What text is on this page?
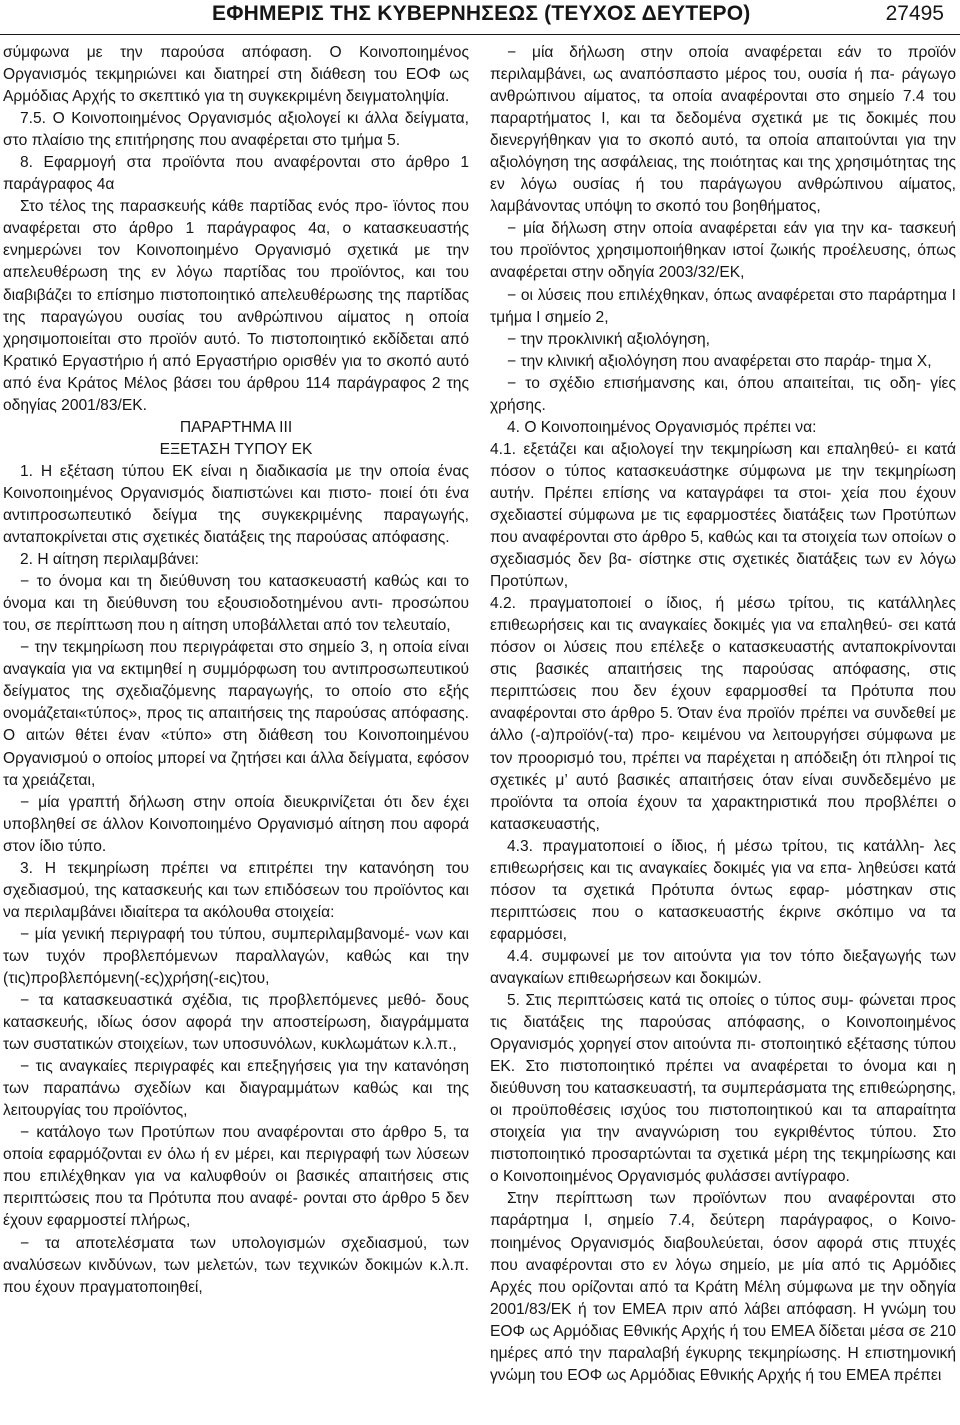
ΕΦΗΜΕΡΙΣ ΤΗΣ ΚΥΒΕΡΝΗΣΕΩΣ (ΤΕΥΧΟΣ ΔΕΥΤΕΡΟ)	27495

σύμφωνα με την παρούσα απόφαση. Ο Κοινοποιημένος Οργανισμός τεκμηριώνει και διατηρεί στη διάθεση του ΕΟΦ ως Αρμόδιας Αρχής το σκεπτικό για τη συγκεκριμένη δειγματοληψία.

7.5. Ο Κοινοποιημένος Οργανισμός αξιολογεί κι άλλα δείγματα, στο πλαίσιο της επιτήρησης που αναφέρεται στο τμήμα 5.

8. Εφαρμογή στα προϊόντα που αναφέρονται στο άρθρο 1 παράγραφος 4α

Στο τέλος της παρασκευής κάθε παρτίδας ενός προ- ϊόντος που αναφέρεται στο άρθρο 1 παράγραφος 4α, ο κατασκευαστής ενημερώνει τον Κοινοποιημένο Οργανισμό σχετικά με την απελευθέρωση της εν λόγω παρτίδας του προϊόντος, και του διαβιβάζει το επίσημο πιστοποιητικό απελευθέρωσης της παρτίδας της παραγώγου ουσίας του ανθρώπινου αίματος η οποία χρησιμοποιείται στο προϊόν αυτό. Το πιστοποιητικό εκδίδεται από Κρατικό Εργαστήριο ή από Εργαστήριο ορισθέν για το σκοπό αυτό από ένα Κράτος Μέλος βάσει του άρθρου 114 παράγραφος 2 της οδηγίας 2001/83/ΕΚ.

ΠΑΡΑΡΤΗΜΑ ΙΙΙ

ΕΞΕΤΑΣΗ ΤΥΠΟΥ ΕΚ

1. Η εξέταση τύπου ΕΚ είναι η διαδικασία με την οποία ένας Κοινοποιημένος Οργανισμός διαπιστώνει και πιστο- ποιεί ότι ένα αντιπροσωπευτικό δείγμα της συγκεκριμένης παραγωγής, ανταποκρίνεται στις σχετικές διατάξεις της παρούσας απόφασης.

2. Η αίτηση περιλαμβάνει:

− το όνομα και τη διεύθυνση του κατασκευαστή καθώς και το όνομα και τη διεύθυνση του εξουσιοδοτημένου αντι- προσώπου του, σε περίπτωση που η αίτηση υποβάλλεται από τον τελευταίο,

− την τεκμηρίωση που περιγράφεται στο σημείο 3, η οποία είναι αναγκαία για να εκτιμηθεί η συμμόρφωση του αντιπροσωπευτικού δείγματος της σχεδιαζόμενης παραγωγής, το οποίο στο εξής ονομάζεται«τύπος», προς τις απαιτήσεις της παρούσας απόφασης. Ο αιτών θέτει έναν «τύπο» στη διάθεση του Κοινοποιημένου Οργανισμού ο οποίος μπορεί να ζητήσει και άλλα δείγματα, εφόσον τα χρειάζεται,

− μία γραπτή δήλωση στην οποία διευκρινίζεται ότι δεν έχει υποβληθεί σε άλλον Κοινοποιημένο Οργανισμό αίτηση που αφορά στον ίδιο τύπο.

3. Η τεκμηρίωση πρέπει να επιτρέπει την κατανόηση του σχεδιασμού, της κατασκευής και των επιδόσεων του προϊόντος και να περιλαμβάνει ιδιαίτερα τα ακόλουθα στοιχεία:

− μία γενική περιγραφή του τύπου, συμπεριλαμβανομέ- νων και των τυχόν προβλεπόμενων παραλλαγών, καθώς και την (τις)προβλεπόμενη(-ες)χρήση(-εις)του,

− τα κατασκευαστικά σχέδια, τις προβλεπόμενες μεθό- δους κατασκευής, ιδίως όσον αφορά την αποστείρωση, διαγράμματα των συστατικών στοιχείων, των υποσυνόλων, κυκλωμάτων κ.λ.π.,

− τις αναγκαίες περιγραφές και επεξηγήσεις για την κατανόηση των παραπάνω σχεδίων και διαγραμμάτων καθώς και της λειτουργίας του προϊόντος,

− κατάλογο των Προτύπων που αναφέρονται στο άρθρο 5, τα οποία εφαρμόζονται εν όλω ή εν μέρει, και περιγραφή των λύσεων που επιλέχθηκαν για να καλυφθούν οι βασικές απαιτήσεις στις περιπτώσεις που τα Πρότυπα που αναφέ- ρονται στο άρθρο 5 δεν έχουν εφαρμοστεί πλήρως,

− τα αποτελέσματα των υπολογισμών σχεδιασμού, των αναλύσεων κινδύνων, των μελετών, των τεχνικών δοκιμών κ.λ.π. που έχουν πραγματοποιηθεί,

− μία δήλωση στην οποία αναφέρεται εάν το προϊόν περιλαμβάνει, ως αναπόσπαστο μέρος του, ουσία ή πα- ράγωγο ανθρώπινου αίματος, τα οποία αναφέρονται στο σημείο 7.4 του παραρτήματος Ι, και τα δεδομένα σχετικά με τις δοκιμές που διενεργήθηκαν για το σκοπό αυτό, τα οποία απαιτούνται για την αξιολόγηση της ασφάλειας, της ποιότητας και της χρησιμότητας της εν λόγω ουσίας ή του παράγωγου ανθρώπινου αίματος, λαμβάνοντας υπόψη το σκοπό του βοηθήματος,

− μία δήλωση στην οποία αναφέρεται εάν για την κα- τασκευή του προϊόντος χρησιμοποιήθηκαν ιστοί ζωικής προέλευσης, όπως αναφέρεται στην οδηγία 2003/32/ΕΚ,

− οι λύσεις που επιλέχθηκαν, όπως αναφέρεται στο παράρτημα Ι τμήμα Ι σημείο 2,

− την προκλινική αξιολόγηση,

− την κλινική αξιολόγηση που αναφέρεται στο παράρ- τημα Χ,

− το σχέδιο επισήμανσης και, όπου απαιτείται, τις οδη- γίες χρήσης.

4. Ο Κοινοποιημένος Οργανισμός πρέπει να:

4.1. εξετάζει και αξιολογεί την τεκμηρίωση και επαληθεύ- ει κατά πόσον ο τύπος κατασκευάστηκε σύμφωνα με την τεκμηρίωση αυτήν. Πρέπει επίσης να καταγράφει τα στοι- χεία που έχουν σχεδιαστεί σύμφωνα με τις εφαρμοστέες διατάξεις των Προτύπων που αναφέρονται στο άρθρο 5, καθώς και τα στοιχεία των οποίων ο σχεδιασμός δεν βα- σίστηκε στις σχετικές διατάξεις των εν λόγω Προτύπων,

4.2. πραγματοποιεί ο ίδιος, ή μέσω τρίτου, τις κατάλληλες επιθεωρήσεις και τις αναγκαίες δοκιμές για να επαληθεύ- σει κατά πόσον οι λύσεις που επέλεξε ο κατασκευαστής ανταποκρίνονται στις βασικές απαιτήσεις της παρούσας απόφασης, στις περιπτώσεις που δεν έχουν εφαρμοσθεί τα Πρότυπα που αναφέρονται στο άρθρο 5. Όταν ένα προϊόν πρέπει να συνδεθεί με άλλο (-α)προϊόν(-τα) προ- κειμένου να λειτουργήσει σύμφωνα με τον προορισμό του, πρέπει να παρέχεται η απόδειξη ότι πληροί τις σχετικές μ’ αυτό βασικές απαιτήσεις όταν είναι συνδεδεμένο με προϊόντα τα οποία έχουν τα χαρακτηριστικά που προβλέπει ο κατασκευαστής,

4.3. πραγματοποιεί ο ίδιος, ή μέσω τρίτου, τις κατάλλη- λες επιθεωρήσεις και τις αναγκαίες δοκιμές για να επα- ληθεύσει κατά πόσον τα σχετικά Πρότυπα όντως εφαρ- μόστηκαν στις περιπτώσεις που ο κατασκευαστής έκρινε σκόπιμο να τα εφαρμόσει,

4.4. συμφωνεί με τον αιτούντα για τον τόπο διεξαγωγής των αναγκαίων επιθεωρήσεων και δοκιμών.

5. Στις περιπτώσεις κατά τις οποίες ο τύπος συμ- φώνεται προς τις διατάξεις της παρούσας απόφασης, ο Κοινοποιημένος Οργανισμός χορηγεί στον αιτούντα πι- στοποιητικό εξέτασης τύπου ΕΚ. Στο πιστοποιητικό πρέπει να αναφέρεται το όνομα και η διεύθυνση του κατασκευαστή, τα συμπεράσματα της επιθεώρησης, οι προϋποθέσεις ισχύος του πιστοποιητικού και τα απαραίτητα στοιχεία για την αναγνώριση του εγκριθέντος τύπου. Στο πιστοποιητικό προσαρτώνται τα σχετικά μέρη της τεκμηρίωσης και ο Κοινοποιημένος Οργανισμός φυλάσσει αντίγραφο.

Στην περίπτωση των προϊόντων που αναφέρονται στο παράρτημα Ι, σημείο 7.4, δεύτερη παράγραφος, ο Κοινο- ποιημένος Οργανισμός διαβουλεύεται, όσον αφορά στις πτυχές που αναφέρονται στο εν λόγω σημείο, με μία από τις Αρμόδιες Αρχές που ορίζονται από τα Κράτη Μέλη σύμφωνα με την οδηγία 2001/83/ΕΚ ή τον ΕΜΕΑ πριν από λάβει απόφαση. Η γνώμη του ΕΟΦ ως Αρμόδιας Εθνικής Αρχής ή του ΕΜΕΑ δίδεται μέσα σε 210 ημέρες από την παραλαβή έγκυρης τεκμηρίωσης. Η επιστημονική γνώμη του ΕΟΦ ως Αρμόδιας Εθνικής Αρχής ή του ΕΜΕΑ πρέπει
